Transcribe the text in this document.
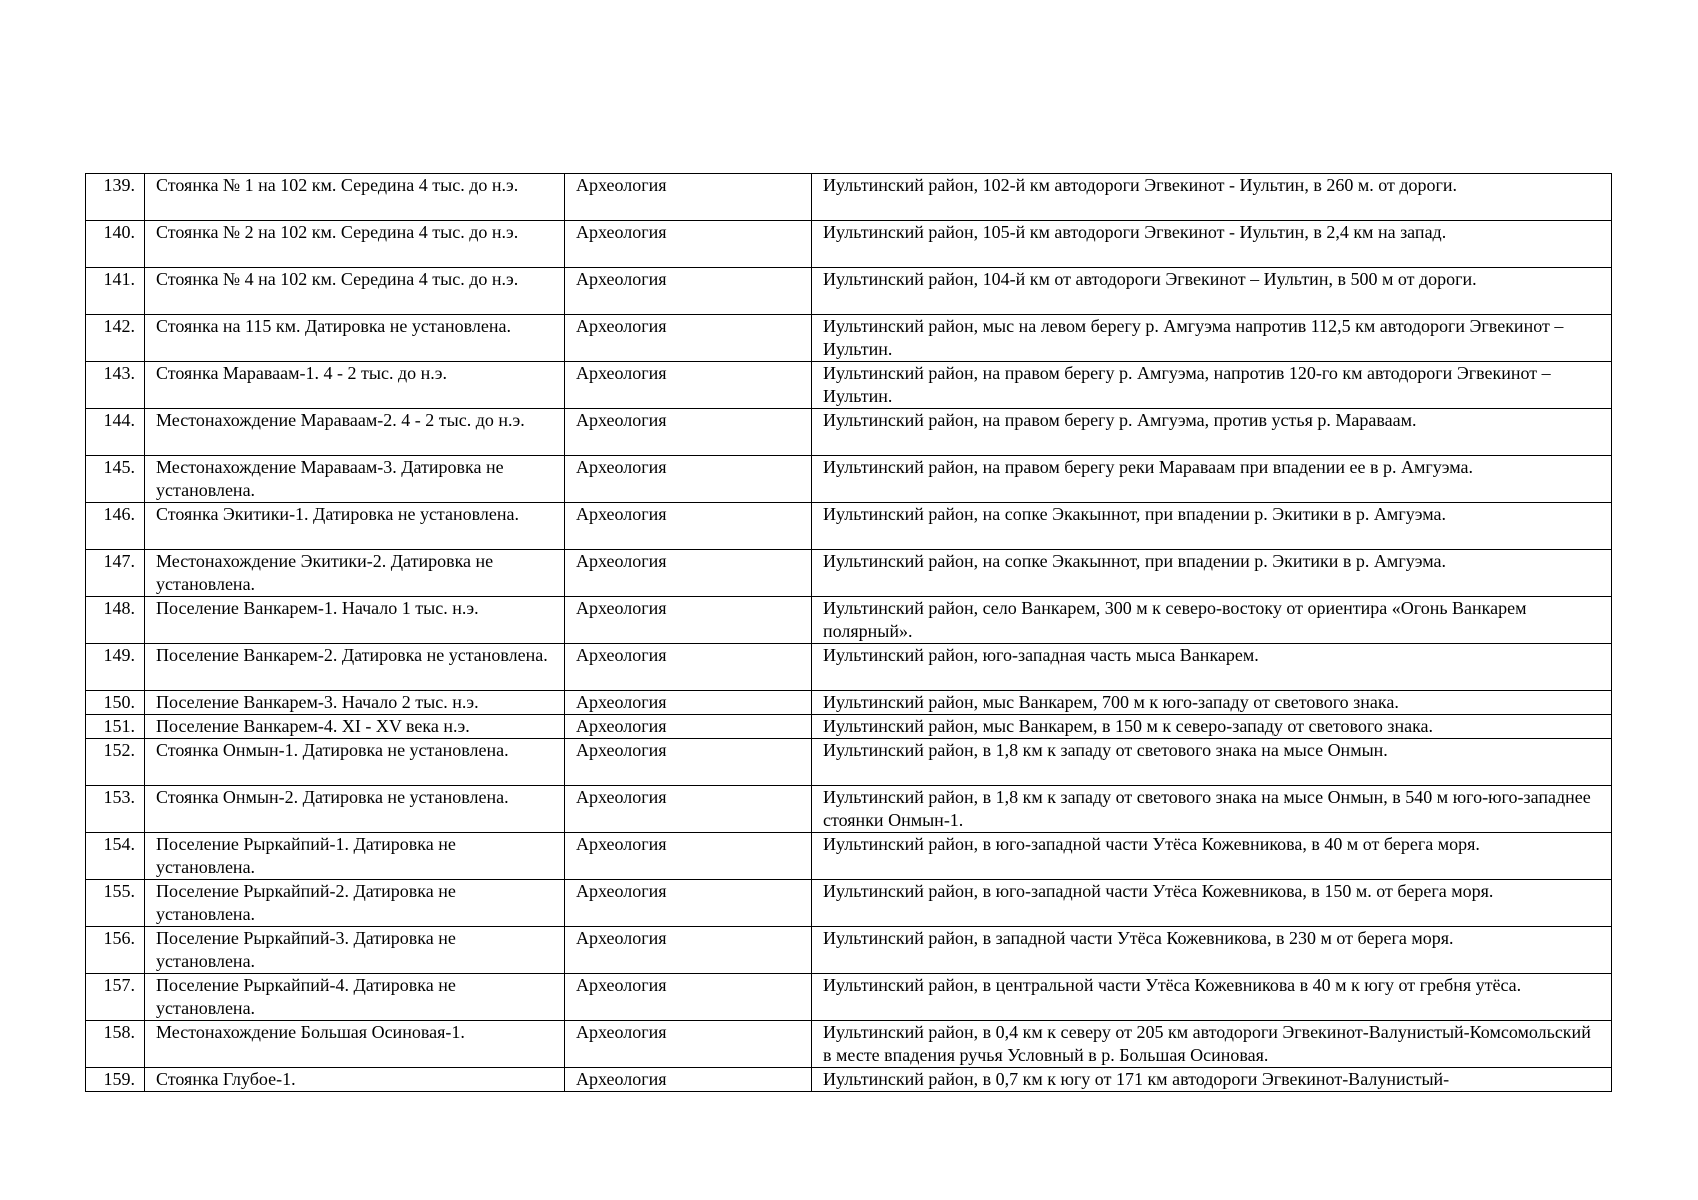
139.	Стоянка № 1 на 102 км. Середина 4 тыс. до н.э.	Археология	Иультинский район, 102-й км автодороги Эгвекинот - Иультин, в 260 м. от дороги.
140.	Стоянка № 2 на 102 км. Середина 4 тыс. до н.э.	Археология	Иультинский район, 105-й км автодороги Эгвекинот - Иультин, в 2,4 км на запад.
141.	Стоянка № 4 на 102 км. Середина 4 тыс. до н.э.	Археология	Иультинский район, 104-й км от автодороги Эгвекинот – Иультин, в 500 м от дороги.
142.	Стоянка на 115 км. Датировка не установлена.	Археология	Иультинский район, мыс на левом берегу р. Амгуэма напротив 112,5 км автодороги Эгвекинот – Иультин.
143.	Стоянка Мараваам-1. 4 - 2 тыс. до н.э.	Археология	Иультинский район, на правом берегу р. Амгуэма, напротив 120-го км автодороги Эгвекинот – Иультин.
144.	Местонахождение Мараваам-2. 4 - 2 тыс. до н.э.	Археология	Иультинский район, на правом берегу р. Амгуэма, против устья р. Мараваам.
145.	Местонахождение Мараваам-3. Датировка не установлена.	Археология	Иультинский район, на правом берегу реки Мараваам при впадении ее в р. Амгуэма.
146.	Стоянка Экитики-1. Датировка не установлена.	Археология	Иультинский район, на сопке Экакыннот, при впадении р. Экитики в р. Амгуэма.
147.	Местонахождение Экитики-2. Датировка не установлена.	Археология	Иультинский район, на сопке Экакыннот, при впадении р. Экитики в р. Амгуэма.
148.	Поселение Ванкарем-1. Начало 1 тыс. н.э.	Археология	Иультинский район, село Ванкарем, 300 м к северо-востоку от ориентира «Огонь Ванкарем полярный».
149.	Поселение Ванкарем-2. Датировка не установлена.	Археология	Иультинский район, юго-западная часть мыса Ванкарем.
150.	Поселение Ванкарем-3. Начало 2 тыс. н.э.	Археология	Иультинский район, мыс Ванкарем, 700 м к юго-западу от светового знака.
151.	Поселение Ванкарем-4. XI - XV века н.э.	Археология	Иультинский район, мыс Ванкарем, в 150 м к северо-западу от светового знака.
152.	Стоянка Онмын-1. Датировка не установлена.	Археология	Иультинский район, в 1,8 км к западу от светового знака на мысе Онмын.
153.	Стоянка Онмын-2. Датировка не установлена.	Археология	Иультинский район, в 1,8 км к западу от светового знака на мысе Онмын, в 540 м юго-юго-западнее стоянки Онмын-1.
154.	Поселение Рыркайпий-1. Датировка не установлена.	Археология	Иультинский район, в юго-западной части Утёса Кожевникова, в 40 м от берега моря.
155.	Поселение Рыркайпий-2. Датировка не установлена.	Археология	Иультинский район, в юго-западной части Утёса Кожевникова, в 150 м. от берега моря.
156.	Поселение Рыркайпий-3. Датировка не установлена.	Археология	Иультинский район, в западной части Утёса Кожевникова, в 230 м от берега моря.
157.	Поселение Рыркайпий-4. Датировка не установлена.	Археология	Иультинский район, в центральной части Утёса Кожевникова в 40 м к югу от гребня утёса.
158.	Местонахождение Большая Осиновая-1.	Археология	Иультинский район, в 0,4 км к северу от 205 км автодороги Эгвекинот-Валунистый-Комсомольский в месте впадения ручья Условный в р. Большая Осиновая.
159.	Стоянка Глубое-1.	Археология	Иультинский район, в 0,7 км к югу от 171 км автодороги Эгвекинот-Валунистый-
